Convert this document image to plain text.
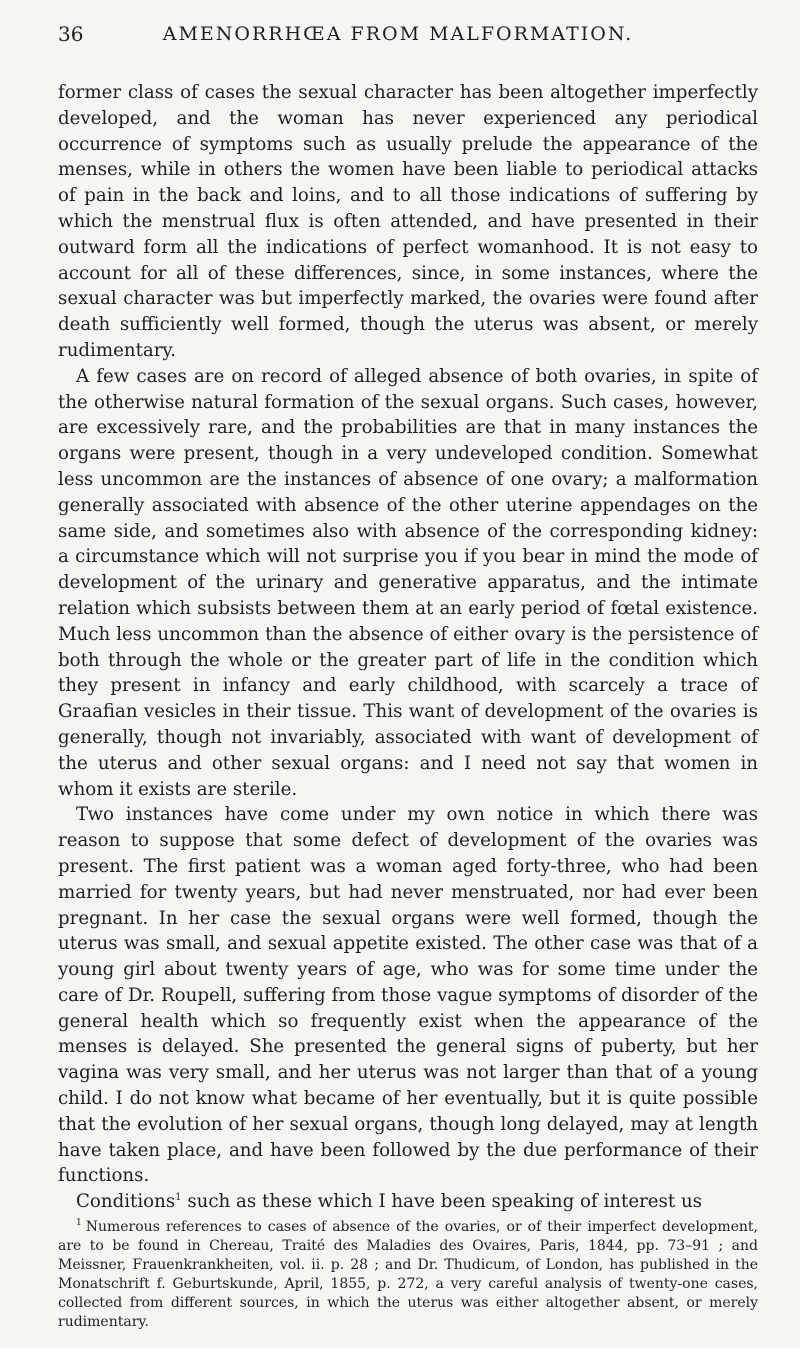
36	AMENORRHŒA FROM MALFORMATION.

former class of cases the sexual character has been altogether imperfectly developed, and the woman has never experienced any periodical occurrence of symptoms such as usually prelude the appearance of the menses, while in others the women have been liable to periodical attacks of pain in the back and loins, and to all those indications of suffering by which the menstrual flux is often attended, and have presented in their outward form all the indications of perfect womanhood. It is not easy to account for all of these differences, since, in some instances, where the sexual character was but imperfectly marked, the ovaries were found after death sufficiently well formed, though the uterus was absent, or merely rudimentary.

A few cases are on record of alleged absence of both ovaries, in spite of the otherwise natural formation of the sexual organs. Such cases, however, are excessively rare, and the probabilities are that in many instances the organs were present, though in a very undeveloped condition. Somewhat less uncommon are the instances of absence of one ovary; a malformation generally associated with absence of the other uterine appendages on the same side, and sometimes also with absence of the corresponding kidney: a circumstance which will not surprise you if you bear in mind the mode of development of the urinary and generative apparatus, and the intimate relation which subsists between them at an early period of fœtal existence. Much less uncommon than the absence of either ovary is the persistence of both through the whole or the greater part of life in the condition which they present in infancy and early childhood, with scarcely a trace of Graafian vesicles in their tissue. This want of development of the ovaries is generally, though not invariably, associated with want of development of the uterus and other sexual organs: and I need not say that women in whom it exists are sterile.

Two instances have come under my own notice in which there was reason to suppose that some defect of development of the ovaries was present. The first patient was a woman aged forty-three, who had been married for twenty years, but had never menstruated, nor had ever been pregnant. In her case the sexual organs were well formed, though the uterus was small, and sexual appetite existed. The other case was that of a young girl about twenty years of age, who was for some time under the care of Dr. Roupell, suffering from those vague symptoms of disorder of the general health which so frequently exist when the appearance of the menses is delayed. She presented the general signs of puberty, but her vagina was very small, and her uterus was not larger than that of a young child. I do not know what became of her eventually, but it is quite possible that the evolution of her sexual organs, though long delayed, may at length have taken place, and have been followed by the due performance of their functions.

Conditions$^1$ such as these which I have been speaking of interest us

$^1$ Numerous references to cases of absence of the ovaries, or of their imperfect development, are to be found in Chereau, Traité des Maladies des Ovaires, Paris, 1844, pp. 73–91 ; and Meissner, Frauenkrankheiten, vol. ii. p. 28 ; and Dr. Thudicum, of London, has published in the Monatschrift f. Geburtskunde, April, 1855, p. 272, a very careful analysis of twenty-one cases, collected from different sources, in which the uterus was either altogether absent, or merely rudimentary.
